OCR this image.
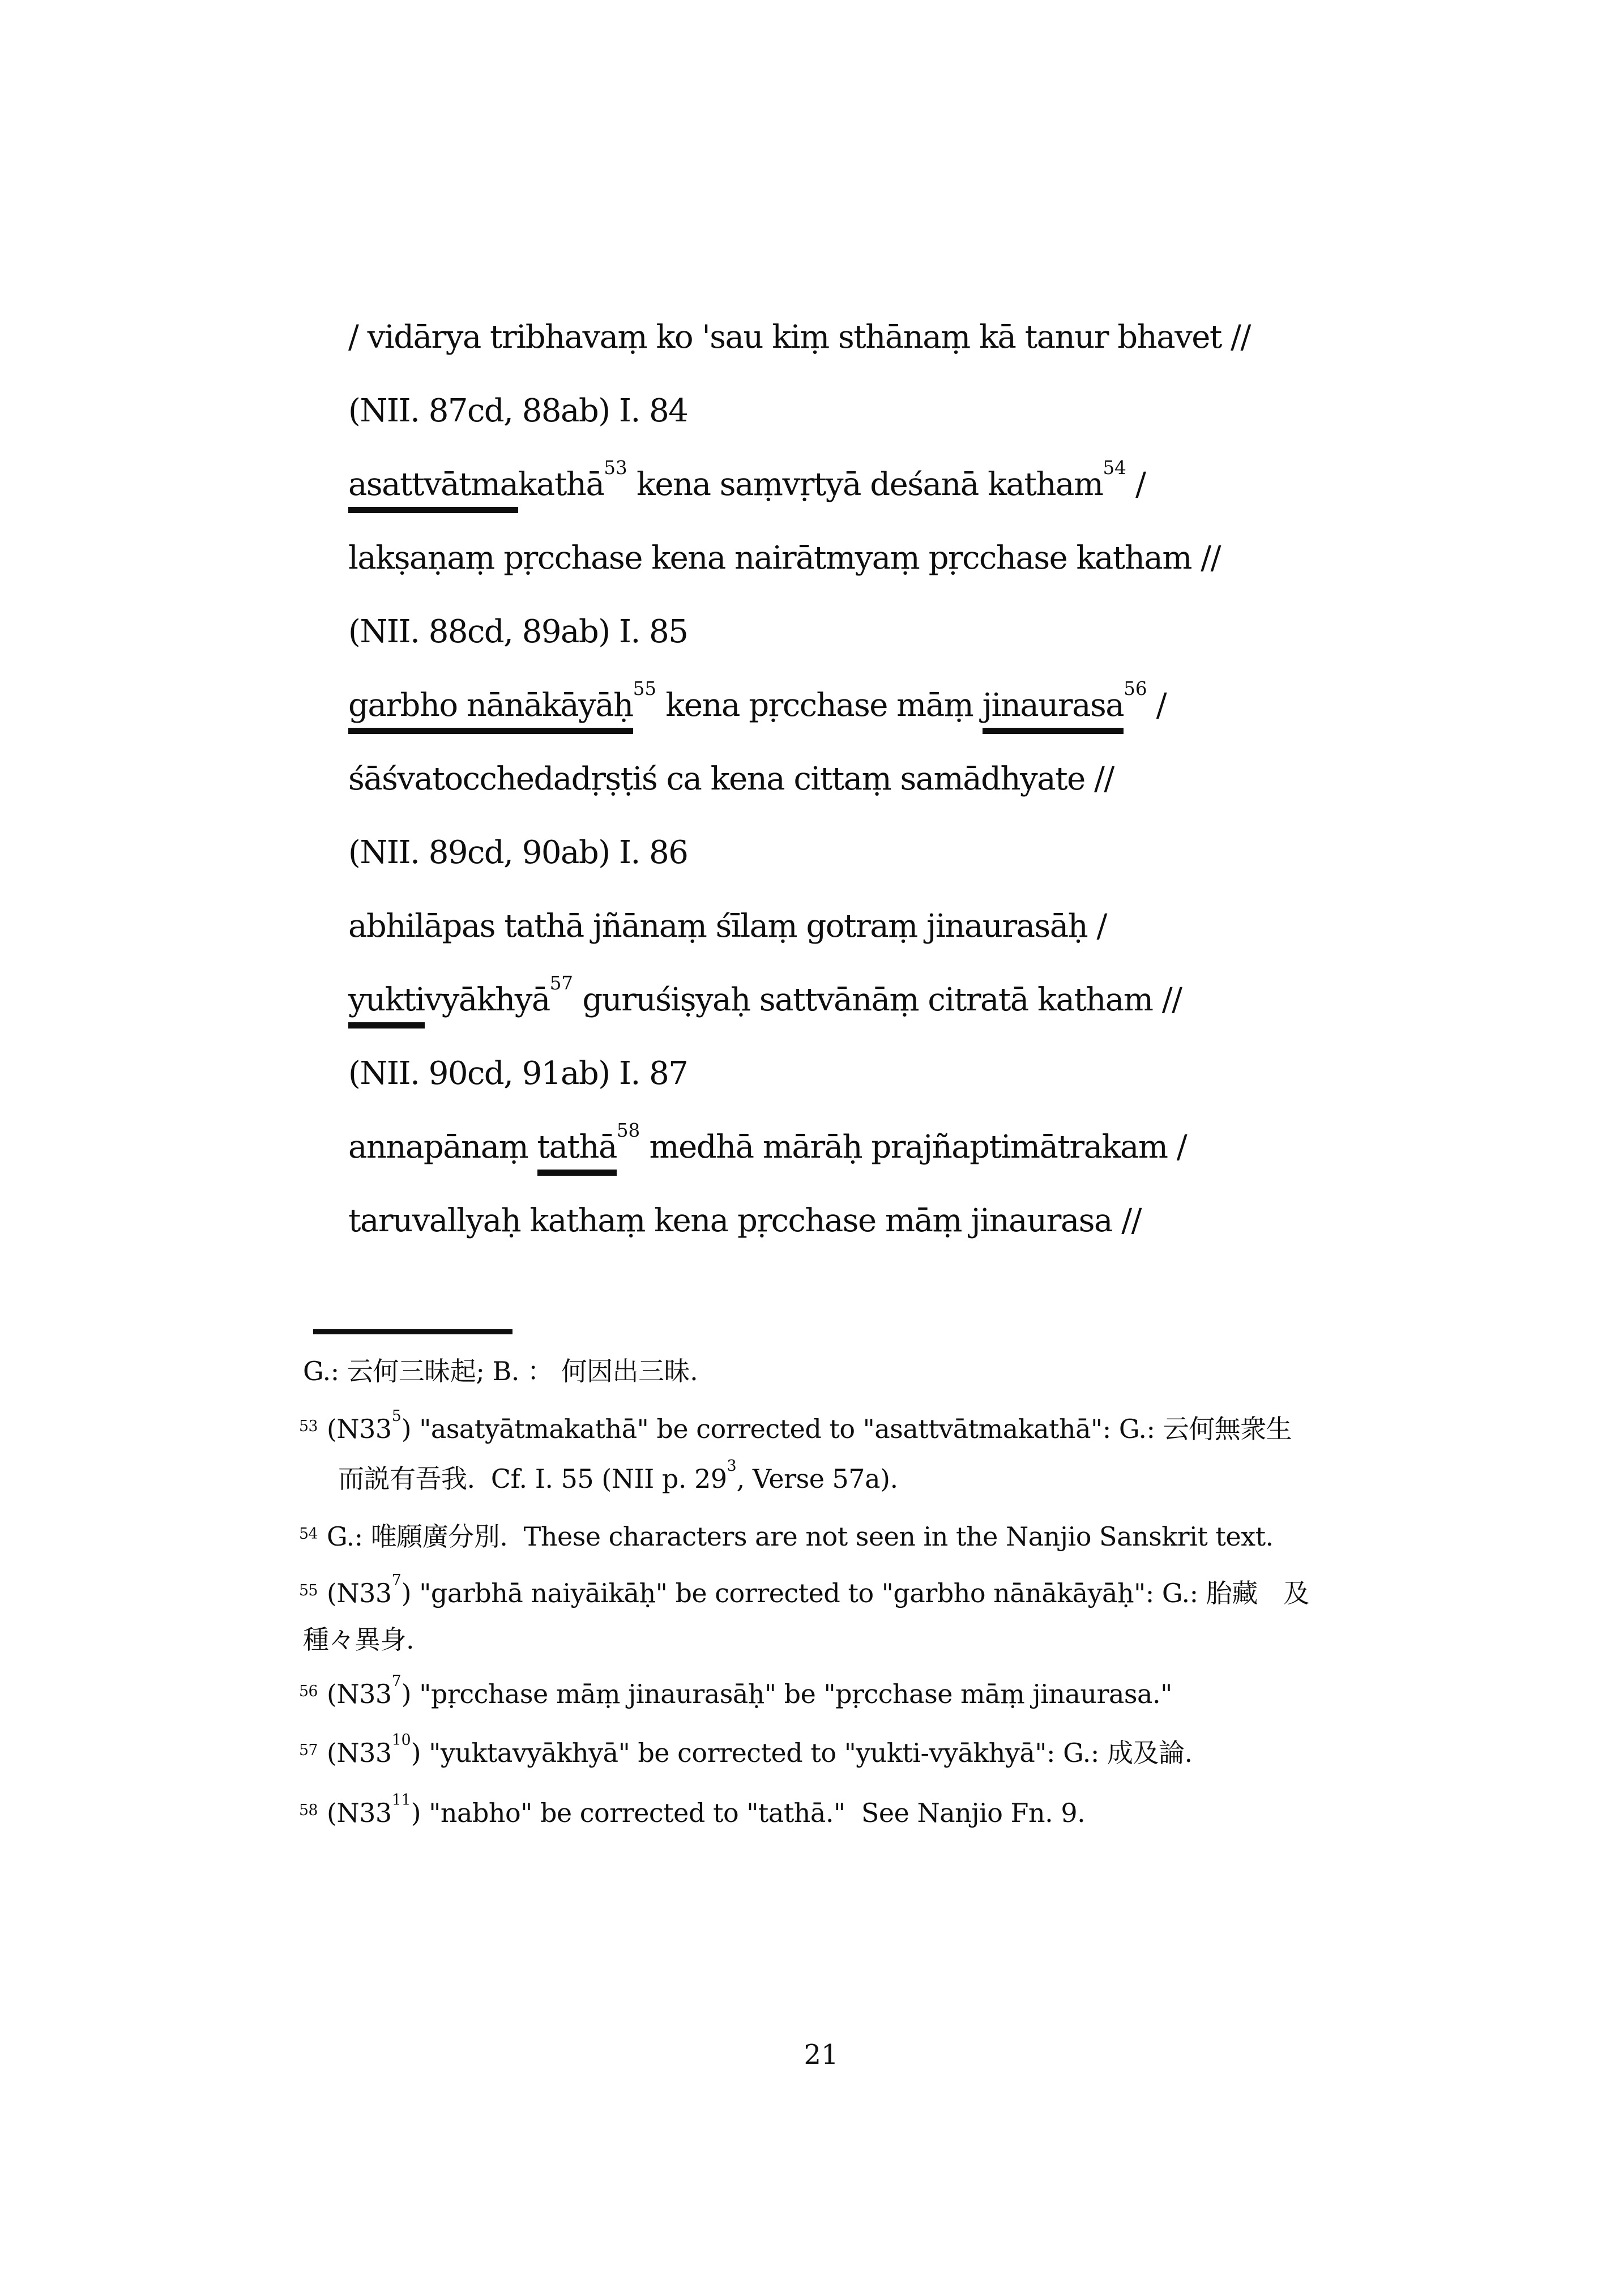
/ vidārya tribhavaṃ ko 'sau kiṃ sthānaṃ kā tanur bhavet //
(NII. 87cd, 88ab) I. 84
asattvātmakathā$^{53}$ kena saṃvṛtyā deśanā katham$^{54}$ /
lakṣaṇaṃ pṛcchase kena nairātmyaṃ pṛcchase katham //
(NII. 88cd, 89ab) I. 85
garbho nānākāyāḥ$^{55}$ kena pṛcchase māṃ jinaurasa$^{56}$ /
śāśvatocchedadṛṣṭiś ca kena cittaṃ samādhyate //
(NII. 89cd, 90ab) I. 86
abhilāpas tathā jñānaṃ śīlaṃ gotraṃ jinaurasāḥ /
yuktivyākhyā$^{57}$ guruśiṣyaḥ sattvānāṃ citratā katham //
(NII. 90cd, 91ab) I. 87
annapānaṃ tathā$^{58}$ medhā mārāḥ prajñaptimātrakam /
taruvallyaḥ kathaṃ kena pṛcchase māṃ jinaurasa //
G.: 云何三昧起; B. ： 何因出三昧.
53 $(N33^5)$ "asatyātmakathā" be corrected to "asattvātmakathā": G.: 云何無衆生
而説有吾我.  Cf. I. 55 (NII p. $29^3$, Verse 57a).
54 G.: 唯願廣分別.  These characters are not seen in the Nanjio Sanskrit text.
55 $(N33^7)$ "garbhā naiyāikāḥ" be corrected to "garbho nānākāyāḥ": G.: 胎藏　及
種々異身.
56 $(N33^7)$ "pṛcchase māṃ jinaurasāḥ" be "pṛcchase māṃ jinaurasa."
57 $(N33^{10})$ "yuktavyākhyā" be corrected to "yukti-vyākhyā": G.: 成及論.
58 $(N33^{11})$ "nabho" be corrected to "tathā."  See Nanjio Fn. 9.
21
